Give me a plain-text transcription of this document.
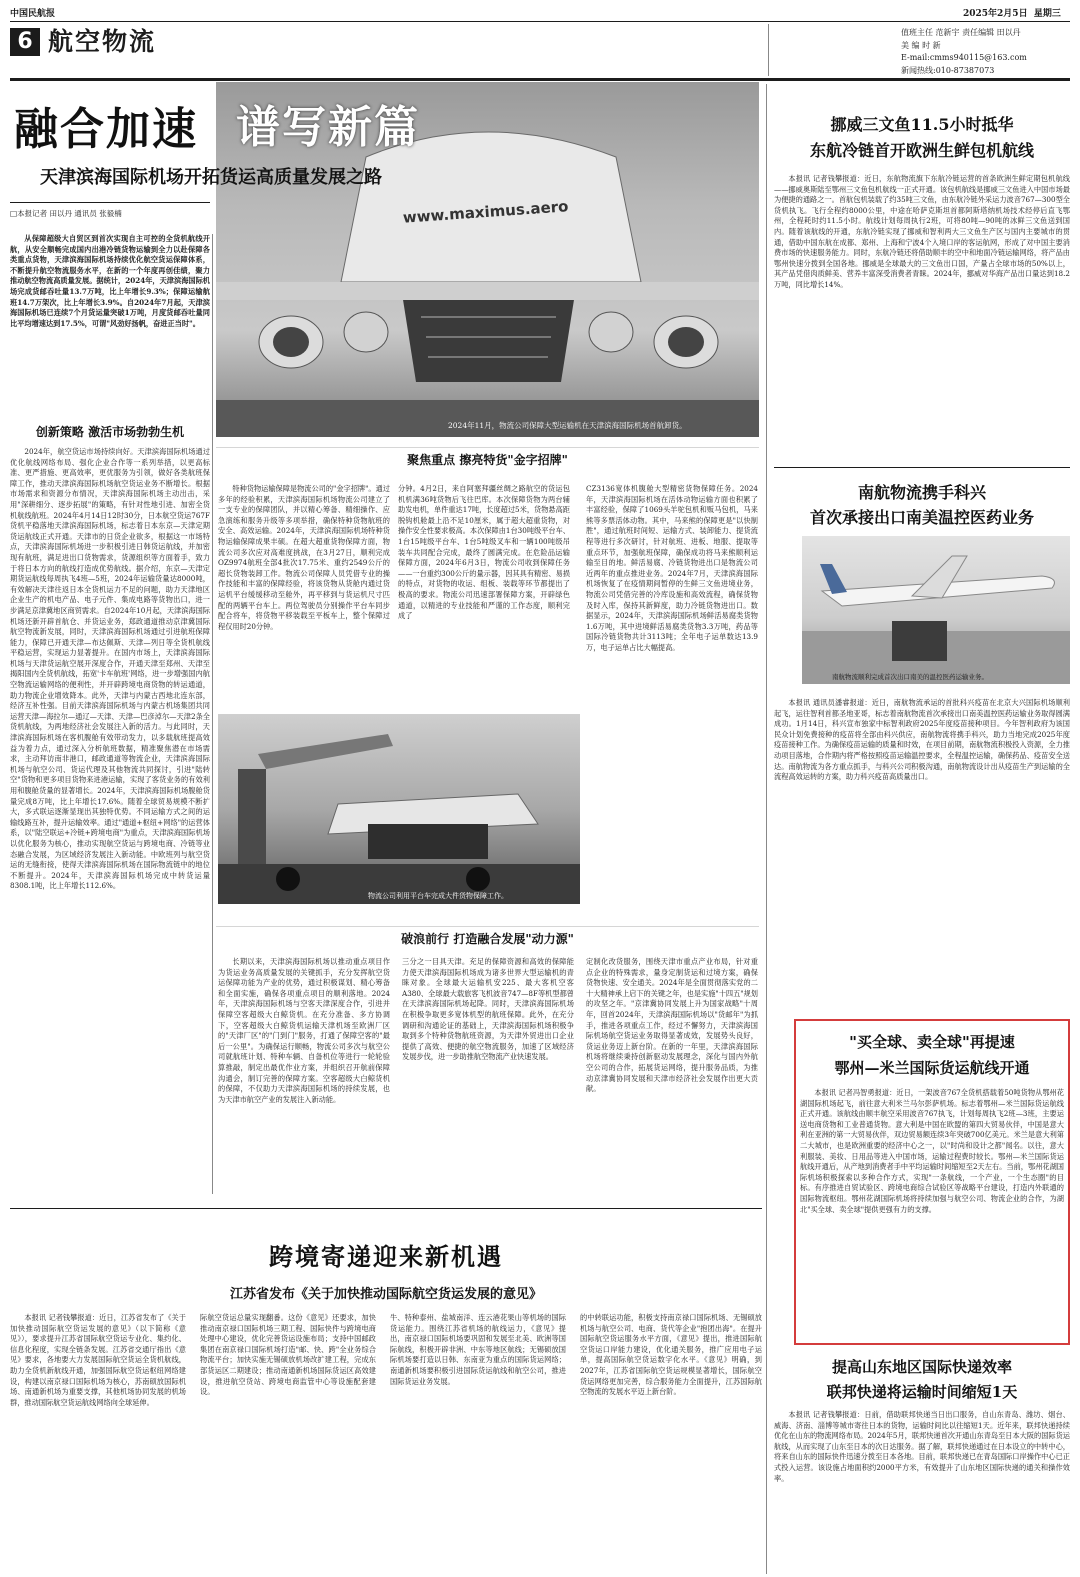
中国民航报	2025年2月5日 星期三
6 航空物流	值班主任 范新宇 责任编辑 田以丹
美 编 时 新
E-mail:cmms940115@163.com
新闻热线:010-87387073
融合加速
www.maximus.aero
谱写新篇
2024年11月，物流公司保障大型运输机在天津滨海国际机场首航卸货。
天津滨海国际机场开拓货运高质量发展之路
□本报记者 田以丹 通讯员 张毅楠
从保障超级大自贸区到首次实现自主可控的全货机航线开航，从安全顺畅完成国内出港冷链货物运输到全力以赴保障各类重点货物，天津滨海国际机场持续优化航空货运保障体系，不断提升航空物流服务水平，在新的一个年度再创佳绩，聚力推动航空物流高质量发展。据统计，2024年，天津滨海国际机场完成货邮吞吐量13.7万吨，比上年增长9.3%；保障运输航班14.7万架次，比上年增长3.9%。自2024年7月起，天津滨海国际机场已连续7个月货运量突破1万吨，月度货邮吞吐量同比平均增速达到17.5%，可谓"风劲好扬帆，奋进正当时"。
创新策略 激活市场勃勃生机
2024年，航空货运市场持续向好。天津滨海国际机场通过优化航线网络布局、强化企业合作等一系列举措，以更高标准、更严措施、更高效率，更优服务为引领，做好各类航班保障工作，推动天津滨海国际机场航空货运业务不断增长。根据市场需求和资源分布情况，天津滨海国际机场主动出击，采用"深耕细分、逐步拓展"的策略，有针对性地引进、加密全货机航线航班。2024年4月14日12时30分，日本航空货运767F货机平稳落地天津滨海国际机场，标志着日本东京—天津定期货运航线正式开通。天津市的日货企业欲多，根据这一市场特点，天津滨海国际机场进一步积极引进日韩货运航线，并加密现有航班，满足进出口货物需求，货源组织等方面着手，致力于将日本方向的航线打造成优势航线。据介绍，东京—天津定期货运航线每周执飞4班—5班，2024年运输货量达8000吨，有效解决天津往返日本全货机运力不足的问题，助力天津地区企业生产的机电产品、电子元件、集成电路等货物出口，进一步满足京津冀地区商贸需求。自2024年10月起，天津滨海国际机场还新开辟首航仓、并货运业务，郑政通道推动京津冀国际航空物流新发展，同时，天津滨海国际机场通过引进航班保障能力，保障已开通天津—布达佩斯、天津—列日等全货机航线平稳运营，实现运力显著提升。在国内市场上，天津滨海国际机场与天津货运航空展开深度合作，开通天津至郑州、天津至揭阳国内全货机航线，拓宽'卡车航班'网络，进一步增强国内航空物流运输网络的便利性，并开辟跨境电商货物的转运通道，助力物流企业增效降本。此外，天津与内蒙古西地北连东部，经济互补性强。目前天津滨海国际机场与内蒙古机场集团共同运营天津—海拉尔—通辽—天津、天津—巴彦淖尔—天津2条全货机航线，为两地经济社会发展注入新的活力。与此同时，天津滨海国际机场在客机腹舱有效带动发力，以多载航班提高效益为着力点，通过深入分析航班数据，精准聚焦潜在市场需求，主动拜访南非港口，邮政通道等物流企业，天津滨海国际机场与航空公司、货运代理及其他物流共同探讨，引进"陆转空"货物和更多项目货物来进港运输，实现了客货业务的有效利用和腹舱货量的显著增长。2024年，天津滨海国际机场腹舱货量完成8万吨，比上年增长17.6%。随着全球贸易规模不断扩大，多式联运逐渐显现出其独特优势。不同运输方式之间的运输线路互补，提升运输效率。通过"通道+枢纽+网络"的运营体系，以"陆空联运+冷链+跨境电商"为重点，天津滨海国际机场以优化服务为核心，推动实现航空货运与跨境电商、冷链等业态融合发展，为区域经济发展注入新动能。中欧班列与航空货运的无缝衔接，使得天津滨海国际机场在国际物流链中的地位不断提升。2024年，天津滨海国际机场完成中转货运量8308.1吨，比上年增长112.6%。
聚焦重点 擦亮特货"金字招牌"
特种货物运输保障是物流公司的"金字招牌"。通过多年的经验积累，天津滨海国际机场物流公司建立了一支专业的保障团队，并以精心筹备、精细操作、应急演练和服务升级等多项举措，确保特种货物航班的安全、高效运输。2024年，天津滨海国际机场特种货物运输保障成果丰硕。在超大超重货物保障方面，物流公司多次应对高难度挑战，在3月27日，顺利完成OZ9974航班全部4批次17.75米、重约2549公斤的超长货物装卸工作。物流公司保障人员凭借专业的操作技能和丰富的保障经验，将该货物从货舱内通过货运机平台缓缓移动至舱外，再平移到与货运机尺寸匹配的两辆平台车上。两位驾驶员分别操作平台车同步配合将车，将货物平移装载至平板车上，整个保障过程仅用时20分钟。
分钟。4月2日，来自阿塞拜疆丝绸之路航空的货运包机机满36吨货物后飞往巴库。本次保障货物为两台辅助发电机，单件重达17吨，长度超过5米，货物悬高距脱钩机舱最上沿不足10厘米，属于超大超重货物，对操作安全性要求极高。本次保障由1台30吨级平台车、1台15吨级平台车、1台5吨级叉车和一辆100吨级吊装车共同配合完成，最终了圆满完成。在危险品运输保障方面，2024年6月3日，物流公司收到保障任务——一台重约300公斤的量示器，因其具有精密、易损的特点，对货物的收运、组板、装载等环节都提出了极高的要求。物流公司迅速部署保障方案，开辟绿色通道，以精进的专业技能和严谨的工作态度，顺利完成了
CZ3136宽体机腹舱大型精密货物保障任务。2024年，天津滨海国际机场在活体动物运输方面也积累了丰富经验，保障了1069头羊驼包机和贩马包机，马来熊等多票活体动物。其中，马来熊的保障更是"以快制胜"，通过航班时间短、运输方式、装卸能力、提货流程等进行多次研讨，针对航班、进板、地服、提取等重点环节，加强航班保障，确保成功将马来熊顺利运输至目的地。鲜活易腐、冷链货物进出口是物流公司近两年的重点推进业务。2024年7月，天津滨海国际机场恢复了在疫情期间暂停的生鲜三文鱼进境业务，物流公司凭借完善的冷库设施和高效流程，确保货物及时入库，保持其新鲜度，助力冷链货物进出口。数据显示，2024年，天津滨海国际机场鲜活易腐类货物1.6万吨，其中进境鲜活易腐类货物3.3万吨，药品等国际冷链货物共计3113吨；全年电子运单数达13.9万，电子运单占比大幅提高。
物流公司利用平台车完成大件货物保障工作。
破浪前行 打造融合发展"动力源"
长期以来，天津滨海国际机场以推动重点项目作为货运业务高质量发展的关键抓手，充分发挥航空货运保障功能为产业的优势，通过积极谋划、精心筹备和全面实施，确保各项重点项目的顺利落地。2024年，天津滨海国际机场与空客天津深度合作，引进并保障空客超级大白鲸货机。在充分准备、多方协调下，空客超级大白鲸货机运输天津机场至欧洲厂区的"天津厂区"的"门到门"服务，打通了保障空客的"最后一公里"。为确保运行顺畅，物流公司多次与航空公司就航班计划、特种车辆、自备机位等进行一轮轮验算推敲，制定出最优作业方案，并组织召开航前保障沟通会，制订完善的保障方案。空客超级大白鲸货机的保障，不仅助力天津滨海国际机场的持续发展，也为天津市航空产业的发展注入新动能。
三分之一目具天津。充足的保障资源和高效的保障能力使天津滨海国际机场成为诸多世界大型运输机的青睐对象。全球最大运输机安225、最大客机空客A380、全球最大载旅客飞机波音747—8F等机型都曾在天津滨海国际机场起降。同时，天津滨海国际机场在积极争取更多宽体机型的航班保障。此外，在充分调研和沟通论证的基础上，天津滨海国际机场积极争取到多个特种货物航班资源，为天津外贸进出口企业提供了高效、便捷的航空物流服务，加速了区域经济发展步伐，进一步助推航空物流产业快速发展。
定制化改货服务，围绕天津市重点产业布局，针对重点企业的特殊需求，量身定制货运和过境方案，确保货物快速、安全通关。2024年是全面贯彻落实党的二十大精神承上启下的关键之年，也是实施"十四五"规划的攻坚之年。"京津冀协同发展上升为国家战略"十周年，回首2024年，天津滨海国际机场以"货邮年"为抓手，推进各项重点工作，经过不懈努力，天津滨海国际机场航空货运业务取得显著成效，发展势头良好，货运业务迈上新台阶。在新的一年里，天津滨海国际机场将继续秉持创新驱动发展理念，深化与国内外航空公司的合作，拓展货运网络，提升服务品质，为推动京津冀协同发展和天津市经济社会发展作出更大贡献。
跨境寄递迎来新机遇
江苏省发布《关于加快推动国际航空货运发展的意见》
本报讯 记者钱攀报道：近日，江苏省发布了《关于加快推动国际航空货运发展的意见》（以下简称《意见》），要求提升江苏省国际航空货运专业化、集约化、信息化程度，实现全链条发展。江苏省交通厅指出《意见》要求，各地要大力发展国际航空货运全货机航线，助力全货机新航线开通，加强国际航空货运枢纽网络建设，构建以南京禄口国际机场为核心，苏南硕放国际机场、南通新机场为重要支撑，其他机场协同发展的机场群，推动国际航空货运航线网络向全球延伸。
际航空货运总量实现翻番。这份《意见》还要求，加快推动南京禄口国际机场三期工程、国际快件与跨境电商处理中心建设，优化完善货运设施布局；支持中国邮政集团在南京禄口国际机场打造"邮、快、跨"全业务综合物流平台；加快实施无锡硕放机场改扩建工程，完成东部货运区二期建设；推动南通新机场国际货运区高效建设，推进航空货站、跨境电商监管中心等设施配套建设。
牛、特种泰州、盐城南洋、连云港花果山等机场的国际货运能力。围绕江苏省机场的航线运力，《意见》提出，南京禄口国际机场要巩固和发展至北美、欧洲等国际航线，积极开辟非洲、中东等地区航线；无锡硕放国际机场要打造以日韩、东南亚为重点的国际货运网络；南通新机场要积极引进国际货运航线和航空公司，推进国际货运业务发展。
的中转联运功能，积极支持南京禄口国际机场、无锡硕放机场与航空公司、电商、货代等企业"抱团出海"。在提升国际航空货运服务水平方面，《意见》提出，推进国际航空货运口岸能力建设，优化通关服务，推广应用电子运单，提高国际航空货运数字化水平。《意见》明确，到2027年，江苏省国际航空货运规模显著增长，国际航空货运网络更加完善，综合服务能力全面提升，江苏国际航空物流的发展水平迈上新台阶。
挪威三文鱼11.5小时抵华
东航冷链首开欧洲生鲜包机航线
本报讯 记者钱攀报道：近日，东航物流旗下东航冷链运营的首条欧洲生鲜定期包机航线——挪威奥斯陆至鄂州三文鱼包机航线一正式开通。该包机航线是挪威三文鱼进入中国市场最为便捷的通路之一。首航包机装载了约35吨三文鱼，由东航冷链外采运力波音767—300型全货机执飞。飞行全程约8000公里，中途在哈萨克斯坦首都阿斯塔纳机场技术经停后直飞鄂州，全程耗时约11.5小时。航线计划每周执行2班，可将80吨—90吨的冰鲜三文鱼送到国内。随着该航线的开通，东航冷链实现了挪威和智利两大三文鱼生产区与国内主要城市的贯通，借助中国东航在成都、郑州、上海和宁波4个入境口岸的客运航网，形成了对中国主要消费市场的快速服务能力。同时，东航冷链还将借助顺丰的空中和地面冷链运输网络，将产品由鄂州快速分拨到全国各地。挪威是全球最大的三文鱼出口国，产量占全球市场的50%以上，其产品凭借肉质鲜美、营养丰富深受消费者青睐。2024年，挪威对华海产品出口量达到18.2万吨，同比增长14%。
南航物流携手科兴
首次承接出口南美温控医药业务
南航物流顺利完成首次出口南美的温控医药运输业务。
本报讯 通讯员潘睿报道：近日，南航物流承运的首批科兴疫苗在北京大兴国际机场顺利起飞，运往智利首都圣地亚哥，标志着南航物流首次承接出口南美温控医药运输业务取得圆满成功。1月14日，科兴宣布独家中标智利政府2025年度疫苗接种项目。今年智利政府为该国民众计划免费接种的疫苗将全部由科兴供应，南航物流将携手科兴，助力当地完成2025年度疫苗接种工作。为确保疫苗运输的质量和时效，在项目前期，南航物流积极投入资源，全力推动项目落地，合作期内将严格按照疫苗运输温控要求，全程温控运输，确保药品、疫苗安全送达。南航物流为各方重点抓手，与科兴公司积极沟通，南航物流设计出从疫苗生产到运输的全流程高效运转的方案，助力科兴疫苗高质量出口。
"买全球、卖全球"再提速
鄂州—米兰国际货运航线开通
本报讯 记者冯智勇报道：近日，一架波音767全货机搭载着50吨货物从鄂州花湖国际机场起飞，前往意大利米兰马尔彭萨机场。标志着鄂州—米兰国际货运航线正式开通。该航线由顺丰航空采用波音767执飞，计划每周执飞2班—3班，主要运送电商货物和工业普通货物。意大利是中国在欧盟的第四大贸易伙伴，中国是意大利在亚洲的第一大贸易伙伴，双边贸易额连续3年突破700亿美元。米兰是意大利第二大城市，也是欧洲重要的经济中心之一，以"时尚和设计之都"闻名。以往，意大利服装、美妆、日用品等进入中国市场，运输过程费时较长。鄂州—米兰国际货运航线开通后，从产地到消费者手中平均运输时间缩短至2天左右。当前，鄂州花湖国际机场积极探索以多种合作方式，实现"一条航线，一个产业，一个生态圈"的目标。有序推进自贸试验区、跨境电商综合试验区等战略平台建设，打造内外联通的国际物流枢纽。鄂州花湖国际机场将持续加强与航空公司、物流企业的合作，为湖北"买全球、卖全球"提供更强有力的支撑。
提高山东地区国际快递效率
联邦快递将运输时间缩短1天
本报讯 记者钱攀报道：日前，借助联邦快递当日出口服务，自山东青岛、潍坊、烟台、威海、济南、淄博等城市寄往日本的货物，运输时间比以往缩短1天。近年来，联邦快递持续优化在山东的物流网络布局。2024年5月，联邦快递首次开通山东青岛至日本大阪的国际货运航线，从而实现了山东至日本的次日达服务。据了解，联邦快递通过在日本设立的中转中心，将来自山东的国际快件迅速分拨至日本各地。目前，联邦快递已在青岛国际口岸操作中心已正式投入运营。该设施占地面积约2000平方米，有效提升了山东地区国际快递的通关和操作效率。
